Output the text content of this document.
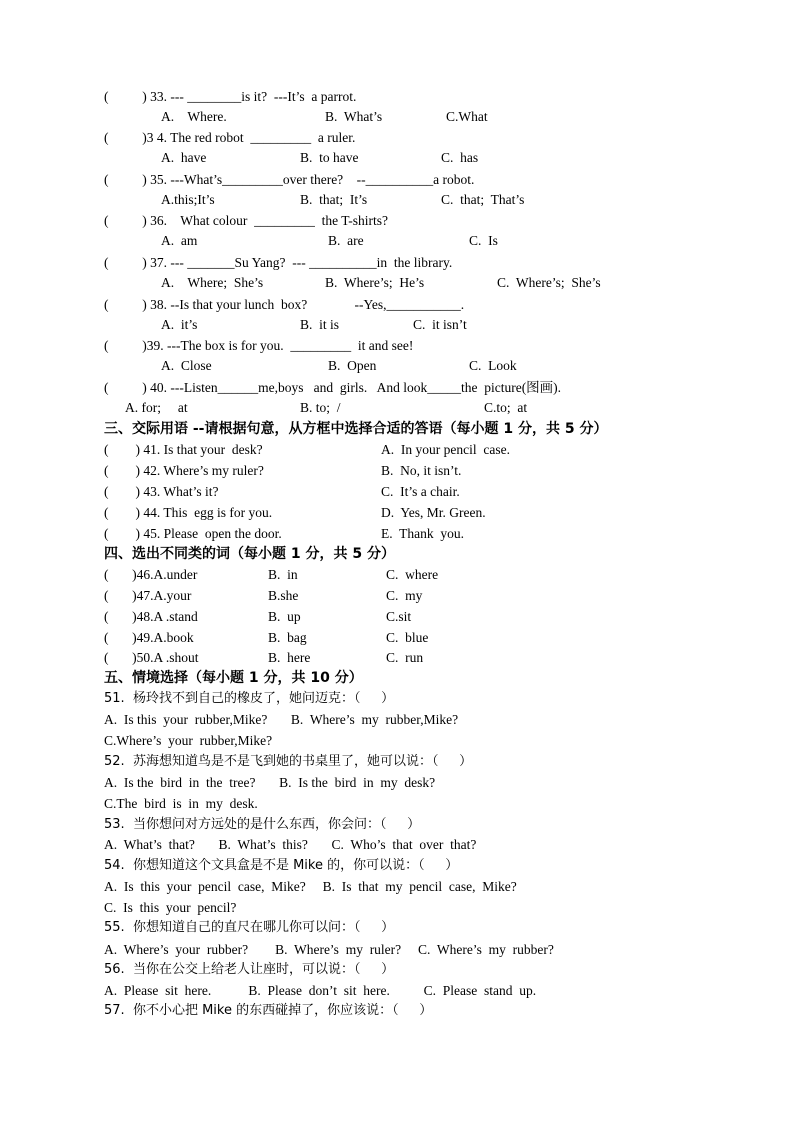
(          ) 33. --- ________is it?  ---It’s  a parrot.
A.    Where.	B.  What’s	C.What
(          )3 4. The red robot  _________  a ruler.
A.  have	B.  to have	C.  has
(          ) 35. ---What’s_________over there?    --__________a robot.
A.this;It’s	B.  that;  It’s	C.  that;  That’s
(          ) 36.    What colour  _________  the T-shirts?
A.  am	B.  are	C.  Is
(          ) 37. --- _______Su Yang?  --- __________in  the library.
A.    Where;  She’s	B.  Where’s;  He’s	C.  Where’s;  She’s
(          ) 38. --Is that your lunch  box?              --Yes,___________.
A.  it’s	B.  it is	C.  it isn’t
(          )39. ---The box is for you.  _________  it and see!
A.  Close	B.  Open	C.  Look
(          ) 40. ---Listen______me,boys   and  girls.   And look_____the  picture(图画).
A. for;     at	B. to;  /	C.to;  at
三、交际用语 --请根据句意，从方框中选择合适的答语（每小题 1 分，共 5 分）
(        ) 41. Is that your  desk?	A.  In your pencil  case.
(        ) 42. Where’s my ruler?	B.  No, it isn’t.
(        ) 43. What’s it?	C.  It’s a chair.
(        ) 44. This  egg is for you.	D.  Yes, Mr. Green.
(        ) 45. Please  open the door.	E.  Thank  you.
四、选出不同类的词（每小题 1 分，共 5 分）
(       )46.A.under	B.  in	C.  where
(       )47.A.your	B.she	C.  my
(       )48.A .stand	B.  up	C.sit
(       )49.A.book	B.  bag	C.  blue
(       )50.A .shout	B.  here	C.  run
五、情境选择（每小题 1 分，共 10 分）
51.  杨玲找不到自己的橡皮了，她问迈克：（     ）
A.  Is this  your  rubber,Mike?       B.  Where’s  my  rubber,Mike?
C.Where’s  your  rubber,Mike?
52.  苏海想知道鸟是不是飞到她的书桌里了，她可以说：（     ）
A.  Is the  bird  in  the  tree?       B.  Is the  bird  in  my  desk?
C.The  bird  is  in  my  desk.
53.  当你想问对方远处的是什么东西，你会问：（     ）
A.  What’s  that?       B.  What’s  this?       C.  Who’s  that  over  that?
54.  你想知道这个文具盒是不是 Mike 的，你可以说：（     ）
A.  Is  this  your  pencil  case,  Mike?     B.  Is  that  my  pencil  case,  Mike?
C.  Is  this  your  pencil?
55.  你想知道自己的直尺在哪儿你可以问：（     ）
A.  Where’s  your  rubber?        B.  Where’s  my  ruler?     C.  Where’s  my  rubber?
56.  当你在公交上给老人让座时，可以说：（     ）
A.  Please  sit  here.           B.  Please  don’t  sit  here.          C.  Please  stand  up.
57.  你不小心把 Mike 的东西碰掉了，你应该说：（     ）
